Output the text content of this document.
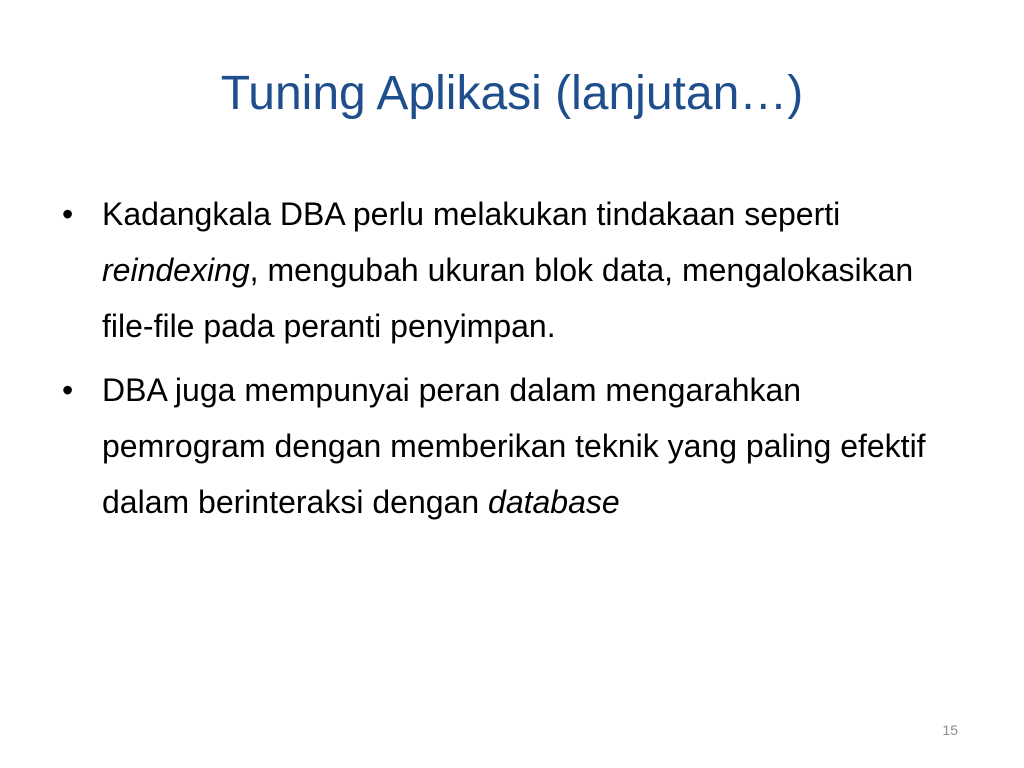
Tuning Aplikasi (lanjutan…)
• Kadangkala DBA perlu melakukan tindakaan seperti reindexing, mengubah ukuran blok data, mengalokasikan file-file pada peranti penyimpan.
• DBA juga mempunyai peran dalam mengarahkan pemrogram dengan memberikan teknik yang paling efektif dalam berinteraksi dengan database
15
